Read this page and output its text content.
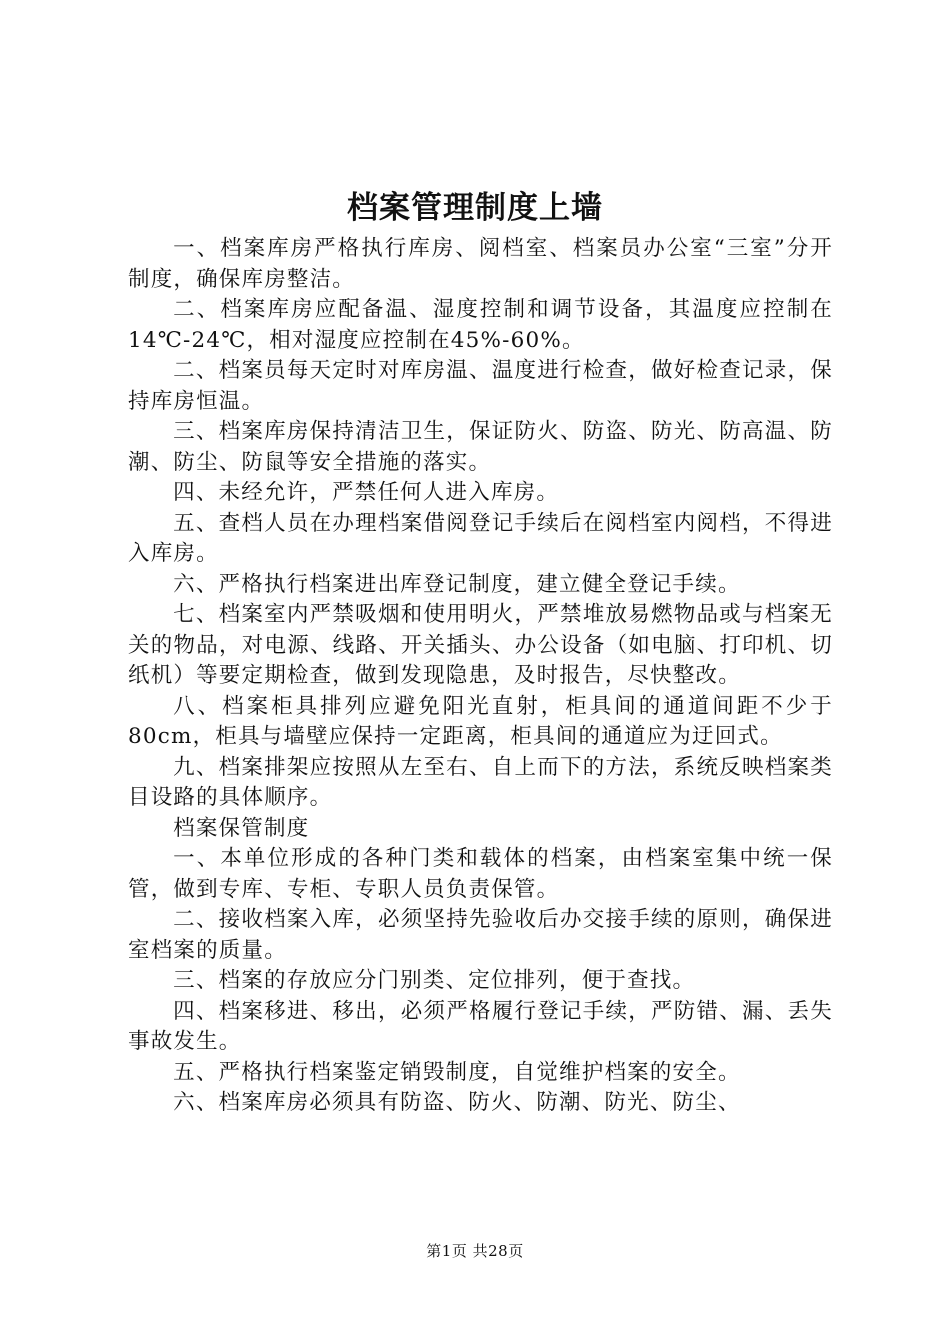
档案管理制度上墙

一、档案库房严格执行库房、阅档室、档案员办公室“三室”分开制度，确保库房整洁。

二、档案库房应配备温、湿度控制和调节设备，其温度应控制在14℃-24℃，相对湿度应控制在45%-60%。

二、档案员每天定时对库房温、温度进行检查，做好检查记录，保持库房恒温。

三、档案库房保持清洁卫生，保证防火、防盗、防光、防高温、防潮、防尘、防鼠等安全措施的落实。

四、未经允许，严禁任何人进入库房。

五、查档人员在办理档案借阅登记手续后在阅档室内阅档，不得进入库房。

六、严格执行档案进出库登记制度，建立健全登记手续。

七、档案室内严禁吸烟和使用明火，严禁堆放易燃物品或与档案无关的物品，对电源、线路、开关插头、办公设备（如电脑、打印机、切纸机）等要定期检查，做到发现隐患，及时报告，尽快整改。

八、档案柜具排列应避免阳光直射，柜具间的通道间距不少于80cm，柜具与墙壁应保持一定距离，柜具间的通道应为迂回式。

九、档案排架应按照从左至右、自上而下的方法，系统反映档案类目设路的具体顺序。

档案保管制度

一、本单位形成的各种门类和载体的档案，由档案室集中统一保管，做到专库、专柜、专职人员负责保管。

二、接收档案入库，必须坚持先验收后办交接手续的原则，确保进室档案的质量。

三、档案的存放应分门别类、定位排列，便于查找。

四、档案移进、移出，必须严格履行登记手续，严防错、漏、丢失事故发生。

五、严格执行档案鉴定销毁制度，自觉维护档案的安全。

六、档案库房必须具有防盗、防火、防潮、防光、防尘、

第1页 共28页
